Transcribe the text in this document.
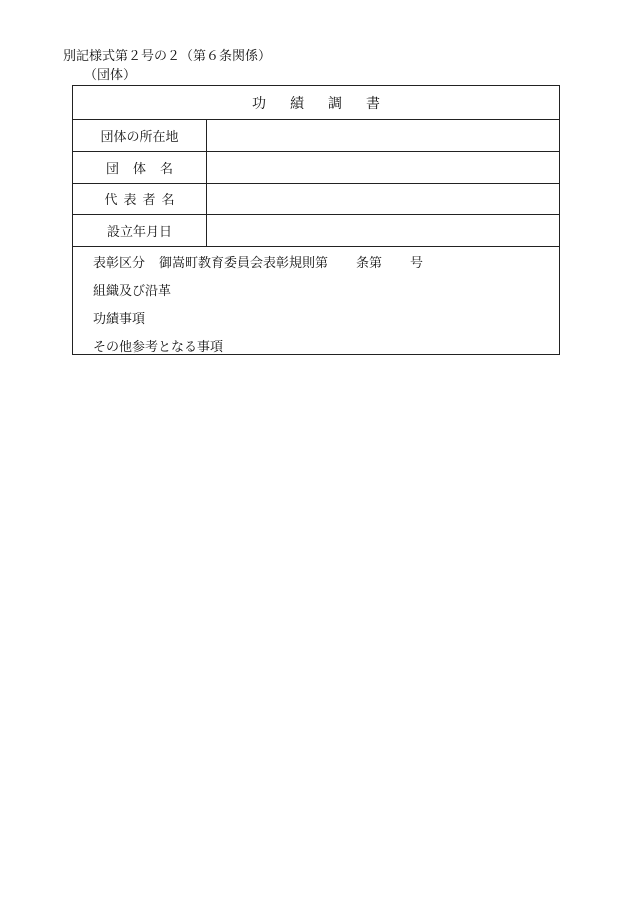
別記様式第２号の２（第６条関係）
（団体）
功績調書
団体の所在地
団体名
代表者名
設立年月日
表彰区分 御嵩町教育委員会表彰規則第 条第 号
組織及び沿革
功績事項
その他参考となる事項
